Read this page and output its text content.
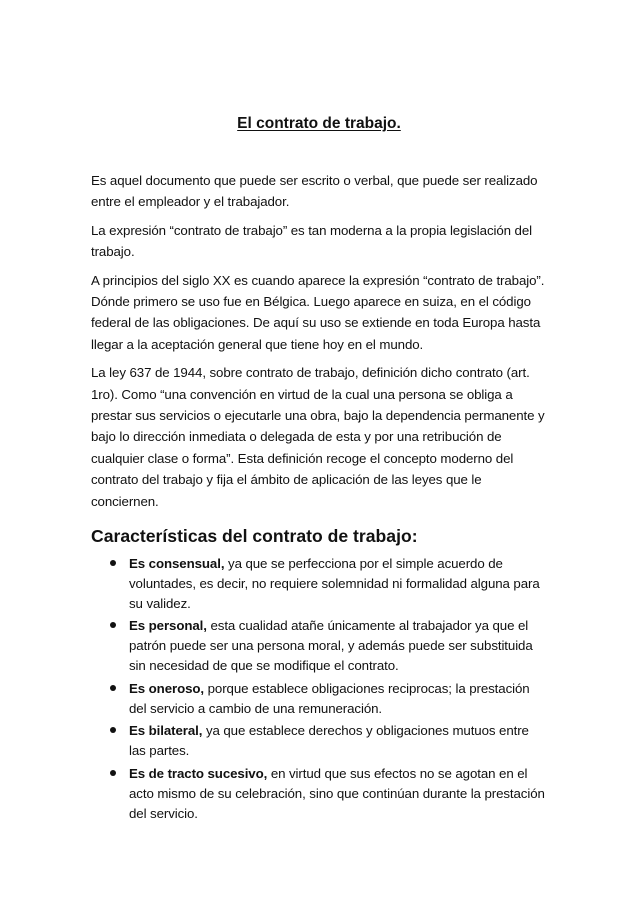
El contrato de trabajo.

Es aquel documento que puede ser escrito o verbal, que puede ser realizado entre el empleador y el trabajador.

La expresión “contrato de trabajo” es tan moderna a la propia legislación del trabajo.

A principios del siglo XX es cuando aparece la expresión “contrato de trabajo”. Dónde primero se uso fue en Bélgica. Luego aparece en suiza, en el código federal de las obligaciones. De aquí su uso se extiende en toda Europa hasta llegar a la aceptación general que tiene hoy en el mundo.

La ley 637 de 1944, sobre contrato de trabajo, definición dicho contrato (art. 1ro). Como “una convención en virtud de la cual una persona se obliga a prestar sus servicios o ejecutarle una obra, bajo la dependencia permanente y bajo lo dirección inmediata o delegada de esta y por una retribución de cualquier clase o forma”. Esta definición recoge el concepto moderno del contrato del trabajo y fija el ámbito de aplicación de las leyes que le conciernen.

Características del contrato de trabajo:
Es consensual, ya que se perfecciona por el simple acuerdo de voluntades, es decir, no requiere solemnidad ni formalidad alguna para su validez.
Es personal, esta cualidad atañe únicamente al trabajador ya que el patrón puede ser una persona moral, y además puede ser substituida sin necesidad de que se modifique el contrato.
Es oneroso, porque establece obligaciones reciprocas; la prestación del servicio a cambio de una remuneración.
Es bilateral, ya que establece derechos y obligaciones mutuos entre las partes.
Es de tracto sucesivo, en virtud que sus efectos no se agotan en el acto mismo de su celebración, sino que continúan durante la prestación del servicio.
